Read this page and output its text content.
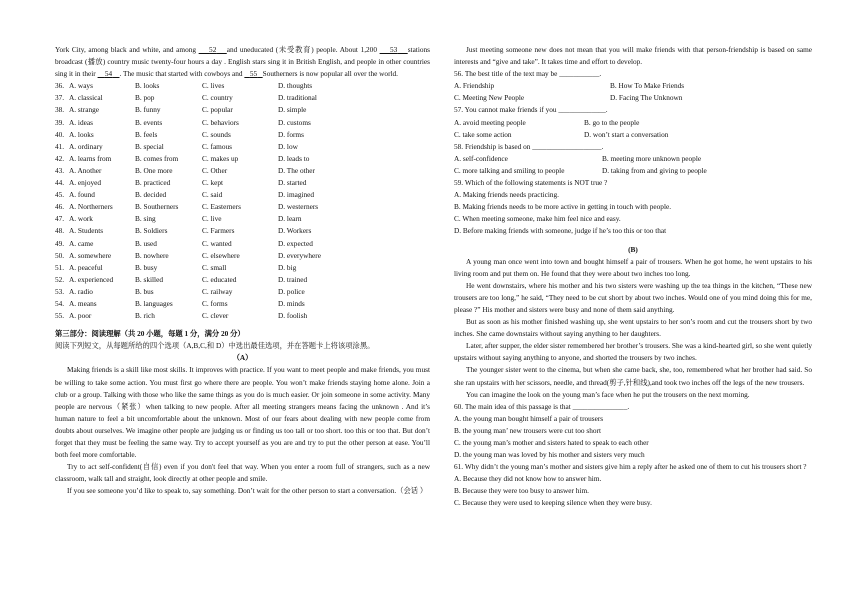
York City, among black and white, and among     52 and uneducated (未受教育) people. About 1,200 53 stations broadcast (播放) country music twenty-four hours a day . English stars sing it in British English, and people in other countries sing it in their     54 . The music that started with cowboys and 55 Southerners is now popular all over the world.

36. A. ways	B. looks	C. lives	D. thoughts
37. A. classical	B. pop	C. country	D. traditional
38. A. strange	B. funny	C. popular	D. simple
39. A. ideas	B. events	C. behaviors	D. customs
40. A. looks	B. feels	C. sounds	D. forms
41. A. ordinary	B. special	C. famous	D. low
42. A. learns from	B. comes from	C. makes up	D. leads to
43. A. Another	B. One more	C. Other	D. The other
44. A. enjoyed	B. practiced	C. kept	D. started
45. A. found	B. decided	C. said	D. imagined
46. A. Northerners	B. Southerners	C. Easterners	D. westerners
47. A. work	B. sing	C. live	D. learn
48. A. Students	B. Soldiers	C. Farmers	D. Workers
49. A. came	B. used	C. wanted	D. expected
50. A. somewhere	B. nowhere	C. elsewhere	D. everywhere
51. A. peaceful	B. busy	C. small	D. big
52. A. experienced	B. skilled	C. educated	D. trained
53. A. radio	B. bus	C. railway	D. police
54. A. means	B. languages	C. forms	D. minds
55. A. poor	B. rich	C. clever	D. foolish
第三部分：阅读理解（共 20 小题，每题 1 分，满分 20 分）
阅读下列短文，从每题所给的四个选项（A,B,C,和 D）中选出最佳选项，并在答题卡上将该项涂黑。
（A）

Making friends is a skill like most skills. It improves with practice. If you want to meet people and make friends, you must be willing to take some action. You must first go where there are people. You won’t make friends staying home alone. Join a club or a group. Talking with those who like the same things as you do is much easier. Or join someone in some activity. Many people are nervous（紧张）when talking to new people. After all meeting strangers means facing the unknown . And it’s human nature to feel a bit uncomfortable about the unknown. Most of our fears about dealing with new people come from doubts about ourselves. We imagine other people are judging us or finding us too tall or too short. too this or too that. But don’t forget that they must be feeling the same way. Try to accept yourself as you are and try to put the other person at ease. You’ll both feel more comfortable.

Try to act self-confident(自信) even if you don't feel that way. When you enter a room full of strangers, such as a new classroom, walk tall and straight, look directly at other people and smile.

If you see someone you’d like to speak to, say something. Don’t wait for the other person to start a conversation.（会话 ）

Just meeting someone new does not mean that you will make friends with that person-friendship is based on same interests and “give and take”. It takes time and effort to develop.

56. The best title of the text may be ___________.
A. Friendship	B. How To Make Friends
C. Meeting New People	D. Facing The Unknown
57. You cannot make friends if you _____________.
A. avoid meeting people	B. go to the people
C. take some action	D. won’t start a conversation
58. Friendship is based on ___________________.
A. self-confidence	B. meeting more unknown people
C. more talking and smiling to people	D. taking from and giving to people
59. Which of the following statements is NOT true ?
A. Making friends needs practicing.
B. Making friends needs to be more active in getting in touch with people.
C. When meeting someone, make him feel nice and easy.
D. Before making friends with someone, judge if he’s too this or too that
(B)

A young man once went into town and bought himself a pair of trousers. When he got home, he went upstairs to his living room and put them on. He found that they were about two inches too long.

He went downstairs, where his mother and his two sisters were washing up the tea things in the kitchen, “These new trousers are too long,” he said, “They need to be cut short by about two inches. Would one of you mind doing this for me, please ?” His mother and sisters were busy and none of them said anything.

But as soon as his mother finished washing up, she went upstairs to her son’s room and cut the trousers short by two inches. She came downstairs without saying anything to her daughters.

Later, after supper, the elder sister remembered her brother’s trousers. She was a kind-hearted girl, so she went quietly upstairs without saying anything to anyone, and shorted the trousers by two inches.

The younger sister went to the cinema, but when she came back, she, too, remembered what her brother had said. So she ran upstairs with her scissors, needle, and thread(剪子,针和线),and took two inches off the legs of the new trousers.

You can imagine the look on the young man’s face when he put the trousers on the next morning.

60. The main idea of this passage is that _______________.
A. the young man bought himself a pair of trousers
B. the young man’ new trousers were cut too short
C. the young man’s mother and sisters hated to speak to each other
D. the young man was loved by his mother and sisters very much

61. Why didn’t the young man’s mother and sisters give him a reply after he asked one of them to cut his trousers short ?

A. Because they did not know how to answer him.
B. Because they were too busy to answer him.
C. Because they were used to keeping silence when they were busy.
